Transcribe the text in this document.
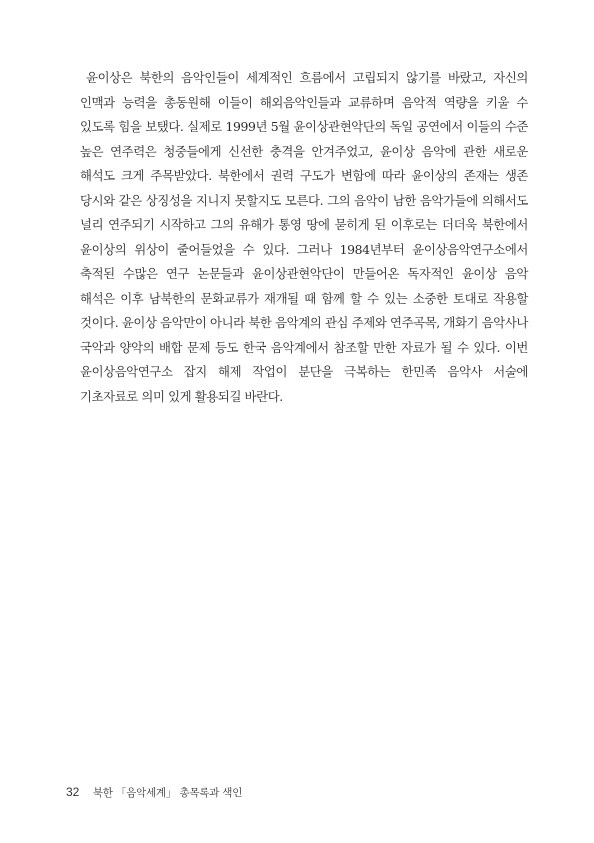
윤이상은 북한의 음악인들이 세계적인 흐름에서 고립되지 않기를 바랐고, 자신의 인맥과 능력을 총동원해 이들이 해외음악인들과 교류하며 음악적 역량을 키울 수 있도록 힘을 보탰다. 실제로 1999년 5월 윤이상관현악단의 독일 공연에서 이들의 수준 높은 연주력은 청중들에게 신선한 충격을 안겨주었고, 윤이상 음악에 관한 새로운 해석도 크게 주목받았다. 북한에서 권력 구도가 변함에 따라 윤이상의 존재는 생존 당시와 같은 상징성을 지니지 못할지도 모른다. 그의 음악이 남한 음악가들에 의해서도 널리 연주되기 시작하고 그의 유해가 통영 땅에 묻히게 된 이후로는 더더욱 북한에서 윤이상의 위상이 줄어들었을 수 있다. 그러나 1984년부터 윤이상음악연구소에서 축적된 수많은 연구 논문들과 윤이상관현악단이 만들어온 독자적인 윤이상 음악 해석은 이후 남북한의 문화교류가 재개될 때 함께 할 수 있는 소중한 토대로 작용할 것이다. 윤이상 음악만이 아니라 북한 음악계의 관심 주제와 연주곡목, 개화기 음악사나 국악과 양악의 배합 문제 등도 한국 음악계에서 참조할 만한 자료가 될 수 있다. 이번 윤이상음악연구소 잡지 해제 작업이 분단을 극복하는 한민족 음악사 서술에 기초자료로 의미 있게 활용되길 바란다.

32 북한 「음악세계」 총목록과 색인
